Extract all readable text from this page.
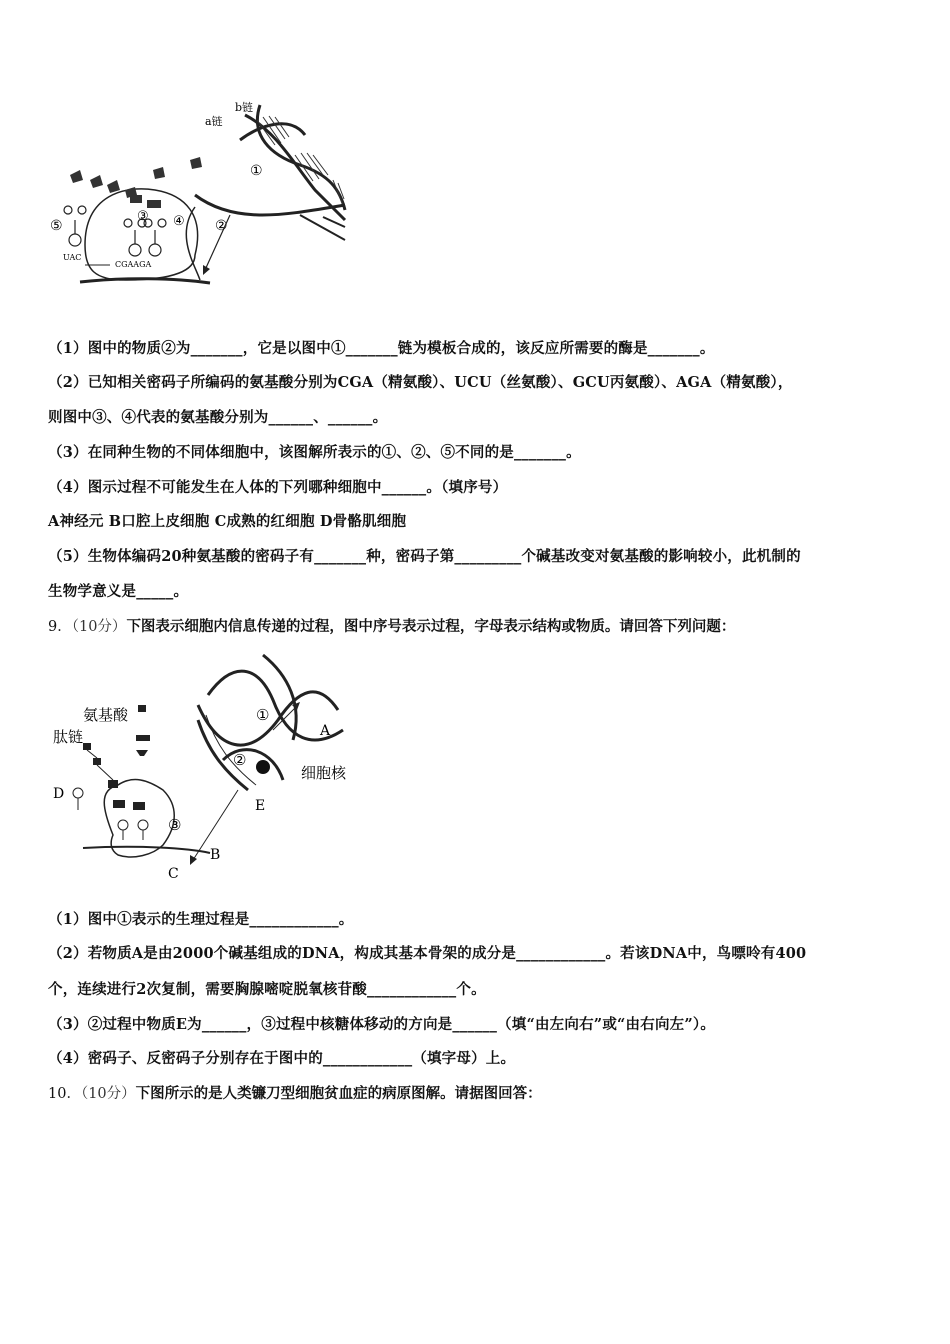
b链
a链
①
②
③ ④
⑤
UAC
CGAAGA
（1）图中的物质②为_______，它是以图中①_______链为模板合成的，该反应所需要的酶是_______。
（2）已知相关密码子所编码的氨基酸分别为CGA（精氨酸）、UCU（丝氨酸）、GCU丙氨酸）、AGA（精氨酸），
则图中③、④代表的氨基酸分别为______、______。
（3）在同种生物的不同体细胞中，该图解所表示的①、②、⑤不同的是_______。
（4）图示过程不可能发生在人体的下列哪种细胞中______。（填序号）
A神经元 B口腔上皮细胞 C成熟的红细胞 D骨骼肌细胞
（5）生物体编码20种氨基酸的密码子有_______种，密码子第_________个碱基改变对氨基酸的影响较小，此机制的
生物学意义是_____。
9．（10分）下图表示细胞内信息传递的过程，图中序号表示过程，字母表示结构或物质。请回答下列问题：
氨基酸
肽链
D
①
②
③
A
E
B
C
细胞核
（1）图中①表示的生理过程是____________。
（2）若物质A是由2000个碱基组成的DNA，构成其基本骨架的成分是____________。若该DNA中，鸟嘌呤有400
个，连续进行2次复制，需要胸腺嘧啶脱氧核苷酸____________个。
（3）②过程中物质E为______，③过程中核糖体移动的方向是______（填“由左向右”或“由右向左”）。
（4）密码子、反密码子分别存在于图中的____________（填字母）上。
10．（10分）下图所示的是人类镰刀型细胞贫血症的病原图解。请据图回答：
